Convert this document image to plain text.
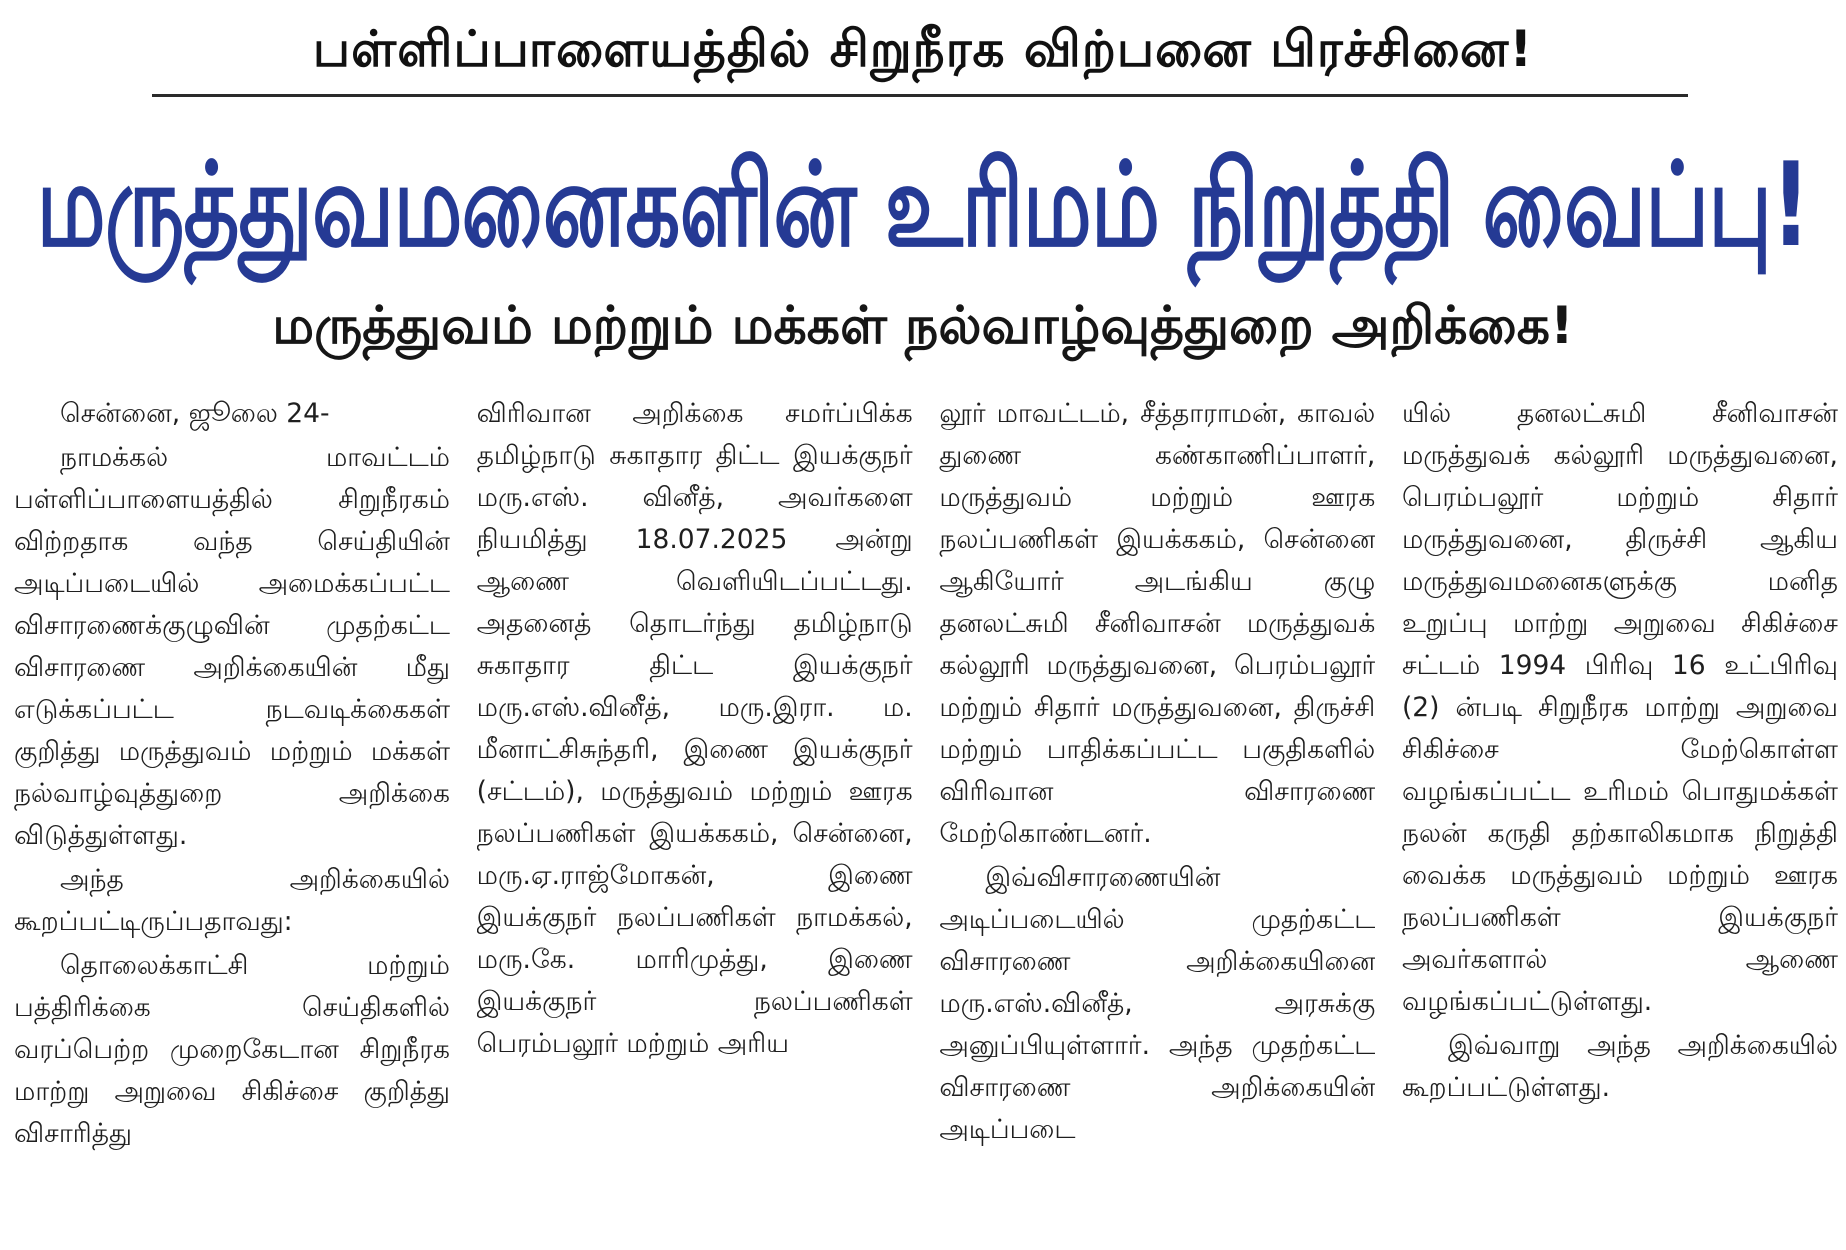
பள்ளிப்பாளையத்தில் சிறுநீரக விற்பனை பிரச்சினை!
மருத்துவமனைகளின் உரிமம் நிறுத்தி வைப்பு!
மருத்துவம் மற்றும் மக்கள் நல்வாழ்வுத்துறை அறிக்கை!

சென்னை, ஜூலை 24-

நாமக்கல் மாவட்டம் பள்ளிப்பாளையத்தில் சிறுநீரகம் விற்றதாக வந்த செய்தியின் அடிப்படையில் அமைக்கப்பட்ட விசாரணைக்குழுவின் முதற்கட்ட விசாரணை அறிக்கையின் மீது எடுக்கப்பட்ட நடவடிக்கைகள் குறித்து மருத்துவம் மற்றும் மக்கள் நல்வாழ்வுத்துறை அறிக்கை விடுத்துள்ளது.

அந்த அறிக்கையில் கூறப்பட்டிருப்பதாவது:

தொலைக்காட்சி மற்றும் பத்திரிக்கை செய்திகளில் வரப்பெற்ற முறைகேடான சிறுநீரக மாற்று அறுவை சிகிச்சை குறித்து விசாரித்து

விரிவான அறிக்கை சமர்ப்பிக்க தமிழ்நாடு சுகாதார திட்ட இயக்குநர் மரு.எஸ். வினீத், அவர்களை நியமித்து 18.07.2025 அன்று ஆணை வெளியிடப்பட்டது. அதனைத் தொடர்ந்து தமிழ்நாடு சுகாதார திட்ட இயக்குநர் மரு.எஸ்.வினீத், மரு.இரா. ம. மீனாட்சிசுந்தரி, இணை இயக்குநர் (சட்டம்), மருத்துவம் மற்றும் ஊரக நலப்பணிகள் இயக்ககம், சென்னை, மரு.ஏ.ராஜ்மோகன், இணை இயக்குநர் நலப்பணிகள் நாமக்கல், மரு.கே. மாரிமுத்து, இணை இயக்குநர் நலப்பணிகள் பெரம்பலூர் மற்றும் அரிய

லூர் மாவட்டம், சீத்தாராமன், காவல் துணை கண்காணிப்பாளர், மருத்துவம் மற்றும் ஊரக நலப்பணிகள் இயக்ககம், சென்னை ஆகியோர் அடங்கிய குழு தனலட்சுமி சீனிவாசன் மருத்துவக் கல்லூரி மருத்துவனை, பெரம்பலூர் மற்றும் சிதார் மருத்துவனை, திருச்சி மற்றும் பாதிக்கப்பட்ட பகுதிகளில் விரிவான விசாரணை மேற்கொண்டனர்.

இவ்விசாரணையின் அடிப்படையில் முதற்கட்ட விசாரணை அறிக்கையினை மரு.எஸ்.வினீத், அரசுக்கு அனுப்பியுள்ளார். அந்த முதற்கட்ட விசாரணை அறிக்கையின் அடிப்படை

யில் தனலட்சுமி சீனிவாசன் மருத்துவக் கல்லூரி மருத்துவனை, பெரம்பலூர் மற்றும் சிதார் மருத்துவனை, திருச்சி ஆகிய மருத்துவமனைகளுக்கு மனித உறுப்பு மாற்று அறுவை சிகிச்சை சட்டம் 1994 பிரிவு 16 உட்பிரிவு (2) ன்படி சிறுநீரக மாற்று அறுவை சிகிச்சை மேற்கொள்ள வழங்கப்பட்ட உரிமம் பொதுமக்கள் நலன் கருதி தற்காலிகமாக நிறுத்தி வைக்க மருத்துவம் மற்றும் ஊரக நலப்பணிகள் இயக்குநர் அவர்களால் ஆணை வழங்கப்பட்டுள்ளது.

இவ்வாறு அந்த அறிக்கையில் கூறப்பட்டுள்ளது.
